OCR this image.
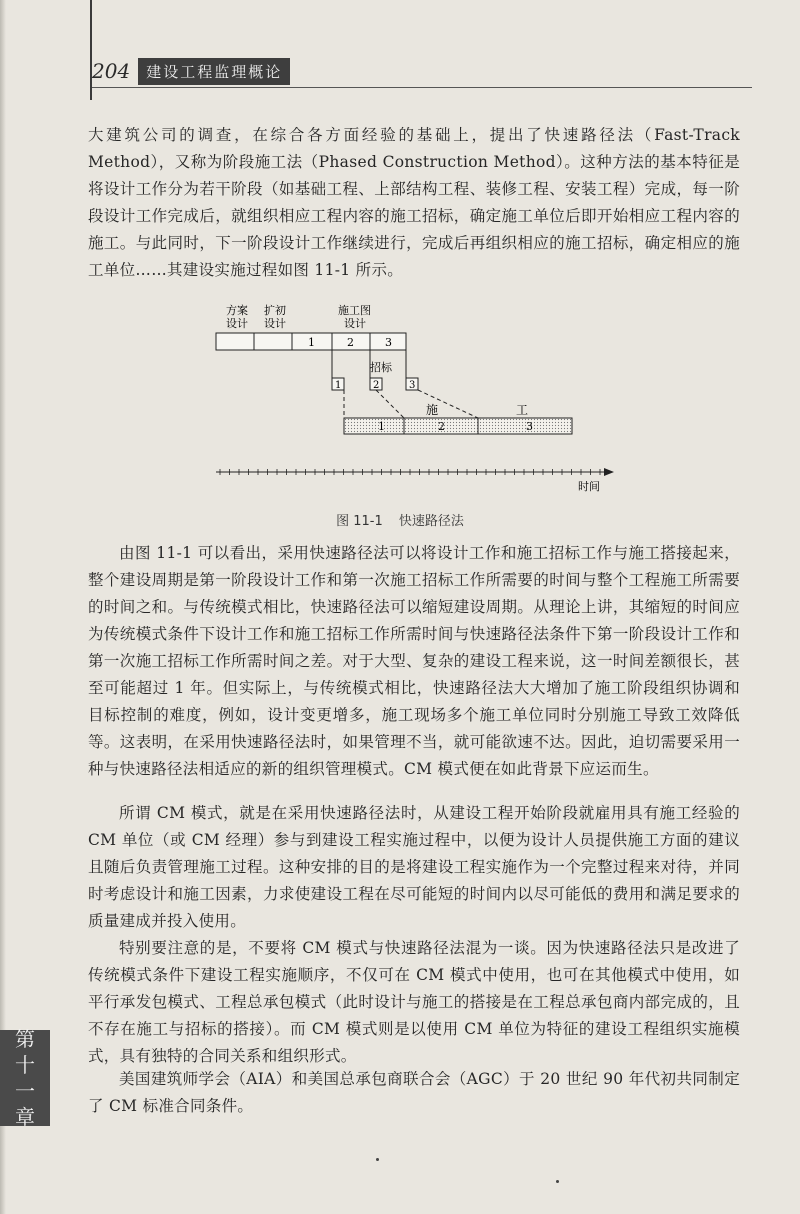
204	建设工程监理概论

大建筑公司的调查，在综合各方面经验的基础上，提出了快速路径法（Fast-Track Method），又称为阶段施工法（Phased Construction Method）。这种方法的基本特征是将设计工作分为若干阶段（如基础工程、上部结构工程、装修工程、安装工程）完成，每一阶段设计工作完成后，就组织相应工程内容的施工招标，确定施工单位后即开始相应工程内容的施工。与此同时，下一阶段设计工作继续进行，完成后再组织相应的施工招标，确定相应的施工单位……其建设实施过程如图 11-1 所示。

方案
设计
扩初
设计
施工图
设计
1	2	3
招标
1	2	3
施	工
1	2	3
时间
图 11-1 快速路径法

由图 11-1 可以看出，采用快速路径法可以将设计工作和施工招标工作与施工搭接起来，整个建设周期是第一阶段设计工作和第一次施工招标工作所需要的时间与整个工程施工所需要的时间之和。与传统模式相比，快速路径法可以缩短建设周期。从理论上讲，其缩短的时间应为传统模式条件下设计工作和施工招标工作所需时间与快速路径法条件下第一阶段设计工作和第一次施工招标工作所需时间之差。对于大型、复杂的建设工程来说，这一时间差额很长，甚至可能超过 1 年。但实际上，与传统模式相比，快速路径法大大增加了施工阶段组织协调和目标控制的难度，例如，设计变更增多，施工现场多个施工单位同时分别施工导致工效降低等。这表明，在采用快速路径法时，如果管理不当，就可能欲速不达。因此，迫切需要采用一种与快速路径法相适应的新的组织管理模式。CM 模式便在如此背景下应运而生。

所谓 CM 模式，就是在采用快速路径法时，从建设工程开始阶段就雇用具有施工经验的 CM 单位（或 CM 经理）参与到建设工程实施过程中，以便为设计人员提供施工方面的建议且随后负责管理施工过程。这种安排的目的是将建设工程实施作为一个完整过程来对待，并同时考虑设计和施工因素，力求使建设工程在尽可能短的时间内以尽可能低的费用和满足要求的质量建成并投入使用。

特别要注意的是，不要将 CM 模式与快速路径法混为一谈。因为快速路径法只是改进了传统模式条件下建设工程实施顺序，不仅可在 CM 模式中使用，也可在其他模式中使用，如平行承发包模式、工程总承包模式（此时设计与施工的搭接是在工程总承包商内部完成的，且不存在施工与招标的搭接）。而 CM 模式则是以使用 CM 单位为特征的建设工程组织实施模式，具有独特的合同关系和组织形式。

美国建筑师学会（AIA）和美国总承包商联合会（AGC）于 20 世纪 90 年代初共同制定了 CM 标准合同条件。

第
十
一
章
